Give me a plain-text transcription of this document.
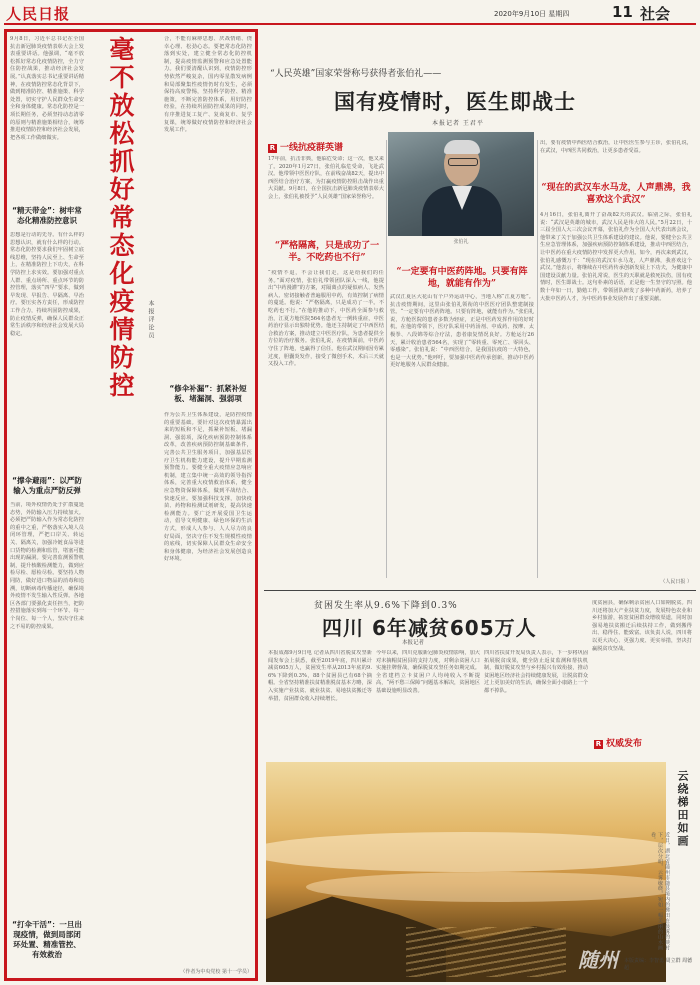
人民日报	2020年9月10日 星期四	11 社会
9月8日，习近平总书记在全国抗击新冠肺炎疫情表彰大会上发表重要讲话。他强调，“毫不放松抓好常态化疫情防控，全力守住防控战果，推动经济社会发展。”认真落实总书记重要讲话精神，在疫情防控常态化背景下，做到精准防控、精准施策、科学处置，切实守护人民群众生命安全和身体健康。常态化防控是一项长期任务，必须坚持动态清零的原则与精准施策相结合，统筹推进疫情防控和经济社会发展，把各项工作做细做实。
“精天带金”：树牢常态化精准防控意识
思想是行动的先导。有什么样的思想认识，就有什么样的行动。常态化防控要求我们牢固树立底线思维，坚持人民至上、生命至上，在精准防控上下功夫，在科学防控上求实效。要加强对重点人群、重点场所、重点环节的防控管理，落实“四早”要求，做到早发现、早报告、早隔离、早治疗。要压实各方责任，形成防控工作合力，持续巩固防控成果，防止疫情反弹，确保人民群众正常生活秩序和经济社会发展大局稳定。
“撑伞避雨”：以严防输入为重点严防反弹
当前，境外疫情仍处于扩散蔓延态势，外防输入压力持续加大。必须把严防输入作为常态化防控的重中之重，严格落实入境人员闭环管理，严把口岸关、转运关、隔离关，加强冷链食品等进口货物的检测和监管，堵塞可能出现的漏洞。要完善监测预警机制，提升核酸检测能力，做到应检尽检、愿检尽检。要坚持人物同防，做好进口物品的消毒和追溯，切断病毒传播途径，确保境外疫情不发生输入性反弹。各地区各部门要强化责任担当，把防控措施落实到每一个环节、每一个岗位、每一个人，坚决守住来之不易的防控成果。
“打伞干活”：一旦出现疫情，做到局部闭环处置、精准管控、有效救治
毫不放松抓好常态化疫情防控 本报评论员
合，不能有麻痹思想、厌战情绪、侥幸心理、松劲心态。要把常态化防控落到实处，建立健全常态化防控机制，提高疫情监测预警和应急处置能力。我们要清醒认识到，疫情防控形势依然严峻复杂，国内零星散发病例和局部聚集性疫情仍时有发生，必须保持高度警惕，坚持科学防控、精准施策，不断完善防控体系，用好防控经验，在持续巩固防控成果的同时，有序推进复工复产、复商复市、复学复课，统筹做好疫情防控和经济社会发展工作。
“修伞补漏”：抓紧补短板、堵漏洞、强弱项
作为公共卫生体系建设，是防控疫情的重要基础。要针对这次疫情暴露出来的短板和不足，抓紧补短板、堵漏洞、强弱项，深化疾病预防控制体系改革，改善疾病预防控制基础条件，完善公共卫生服务项目，加强基层医疗卫生机构能力建设，提升早期监测预警能力。要健全重大疫情应急响应机制，建立集中统一高效的领导指挥体系，完善重大疫情救治体系，健全应急物资保障体系，做到平战结合、快速反应。要加强科技支撑，加快疫苗、药物和检测试剂研发，提高快速检测能力。要广泛开展爱国卫生运动，倡导文明健康、绿色环保的生活方式，形成人人参与、人人尽力的良好局面，坚决守住不发生规模性疫情的底线，切实保障人民群众生命安全和身体健康，为经济社会发展创造良好环境。
（作者为中央党校 第十一学员）
“人民英雄”国家荣誉称号获得者张伯礼——
国有疫情时，医生即战士
本报记者 王君平
R 一线抗疫群英谱
张伯礼
17年前，抗击非典，他临危受命；这一次，他又来了。2020年1月27日，张伯礼临危受命，飞赴武汉。他带领中医医疗队，在前线奋战82天，提出中西医结合治疗方案，为打赢疫情防控阻击战作出重大贡献。9月8日，在全国抗击新冠肺炎疫情表彰大会上，张伯礼被授予“人民英雄”国家荣誉称号。
“严格隔离，只是成功了一半。不吃药也不行”
“疫情不退，不会让我们走，这是给我们的任务。”面对疫情，张伯礼带领团队深入一线，他提出“中药漫灌”的方案，对隔离点的疑似病人、发热病人、密切接触者普遍服用中药，有效控制了病情的蔓延。他说：“严格隔离，只是成功了一半。不吃药也不行。”在他的推动下，中医药全面参与救治，江夏方舱医院564名患者无一例转重症，中医药治疗显示出独特优势。他还主持制定了中西医结合救治方案，推动建立中医医疗队，为患者提供全方位的治疗服务。张伯礼说，在疫情面前，中医药守住了阵地，也赢得了信任。他在武汉期间因劳累过度，胆囊炎发作，接受了微创手术，术后三天就又投入工作。
“一定要有中医药阵地。只要有阵地，就能有作为”
武汉江夏区大花山有个户外运动中心，当地人称“江夏方舱”。抗击疫情期间，这里由张伯礼领衔的中医医疗团队整建制接管。“一定要有中医药阵地。只要有阵地，就能有作为。”张伯礼说，方舱医院的患者多数为轻症，正是中医药发挥作用的好时机。在他的带领下，医疗队采用中药汤剂、中成药、按摩、太极拳、八段锦等综合疗法，患者康复情况良好。方舱运行26天，累计收治患者564名，实现了“零转重、零死亡、零回头、零感染”。张伯礼说：“中西医结合，是我国抗疫的一大特色，也是一大优势。”他呼吁，要加强中医药传承创新，推动中医药更好地服务人民群众健康。
“现在的武汉车水马龙，人声鼎沸，我喜欢这个武汉”
出，要有疫情中西医结合救治，让中医医生参与主诊，张伯礼说，在武汉，中西医共同救治，让更多患者受益。
4月16日，张伯礼离开了奋战82天的武汉。临别之际，张伯礼说：“武汉是英雄的城市，武汉人民是伟大的人民。”5月22日，十三届全国人大三次会议开幕，张伯礼作为全国人大代表出席会议，他带来了关于加强公共卫生体系建设的建议。他说，要健全公共卫生应急管理体系，加强疾病预防控制体系建设，推动中西医结合，让中医药在重大疫情防控中发挥更大作用。如今，再次来到武汉，张伯礼感慨万千：“现在的武汉车水马龙，人声鼎沸，我喜欢这个武汉。”他表示，将继续在中医药传承创新发展上下功夫，为健康中国建设贡献力量。张伯礼常说，医生的天职就是救死扶伤，国有疫情时，医生即战士。这句朴素的话语，正是他一生坚守的写照。他数十年如一日，勤勉工作，带领团队研发了多种中药新药，培养了大批中医药人才，为中医药事业发展作出了重要贡献。
（人民日报 ）
贫困发生率从9.6%下降到0.3%
四川 6年减贫605万人
本报记者
本报成都9月9日电 记者从四川省脱贫攻坚新闻发布会上获悉，截至2019年底，四川累计减贫605万人，贫困发生率从2013年底的9.6%下降到0.3%，88个贫困县已有68个摘帽。全省坚持精准扶贫精准脱贫基本方略，深入实施产业扶贫、就业扶贫、易地扶贫搬迁等举措，贫困群众收入持续增长。
今年以来，四川克服新冠肺炎疫情影响，加大对未摘帽贫困县的支持力度，对剩余贫困人口实施挂牌督战，确保脱贫攻坚任务如期完成。全省建档立卡贫困户人均纯收入不断提高，“两不愁三保障”问题基本解决，贫困地区基础设施明显改善。
四川省扶贫开发局负责人表示，下一步将巩固拓展脱贫成果，健全防止返贫监测和帮扶机制，做好脱贫攻坚与乡村振兴有效衔接，推动贫困地区经济社会持续健康发展，让脱贫群众过上更加美好的生活，确保全面小康路上一个都不掉队。
度贫困县，确保剩余贫困人口如期脱贫。四川还将加大产业扶贫力度，发展特色农业和乡村旅游，拓宽贫困群众增收渠道，同时加强易地扶贫搬迁后续扶持工作，做到搬得出、稳得住、能致富。该负责人说，四川将以更大决心、更强力度、更实举措，坚决打赢脱贫攻坚战。
R 权威发布
随州
云绕梯田如画
近日，湖北省随州市随县境内的梯田在晨雾的映衬下，层次分明，云雾缭绕，宛如一幅美丽的山水画卷。
本版责编：李智勇 周立群 周德超
